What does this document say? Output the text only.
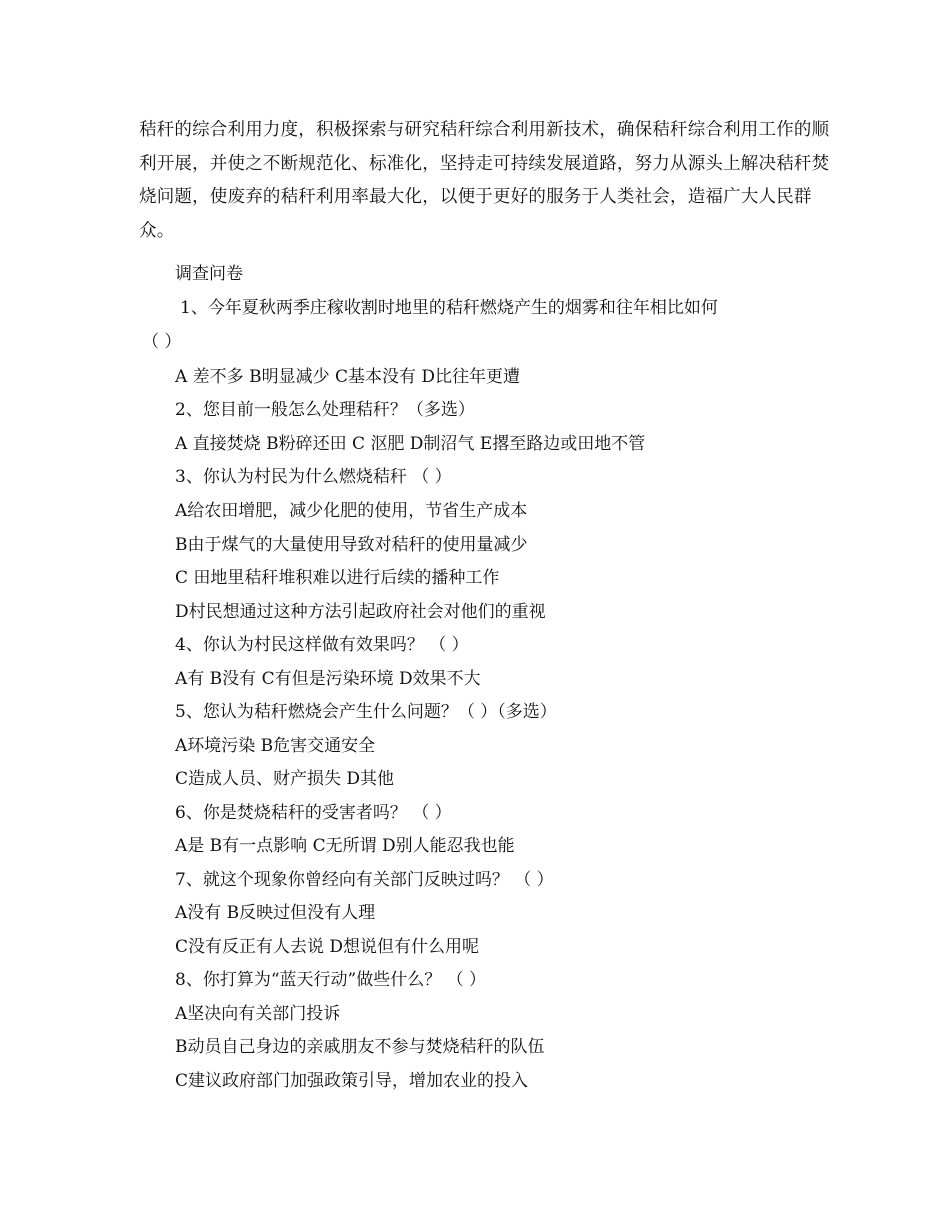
秸秆的综合利用力度，积极探索与研究秸秆综合利用新技术，确保秸秆综合利用工作的顺利开展，并使之不断规范化、标准化，坚持走可持续发展道路，努力从源头上解决秸秆焚烧问题，使废弃的秸秆利用率最大化，以便于更好的服务于人类社会，造福广大人民群众。

调查问卷

1、今年夏秋两季庄稼收割时地里的秸秆燃烧产生的烟雾和往年相比如何

（ ）

A 差不多 B明显减少 C基本没有 D比往年更遭

2、您目前一般怎么处理秸秆？（多选）

A 直接焚烧 B粉碎还田 C 沤肥 D制沼气 E撂至路边或田地不管

3、你认为村民为什么燃烧秸秆 （ ）

A给农田增肥，减少化肥的使用，节省生产成本

B由于煤气的大量使用导致对秸秆的使用量减少

C 田地里秸秆堆积难以进行后续的播种工作

D村民想通过这种方法引起政府社会对他们的重视

4、你认为村民这样做有效果吗？ （ ）

A有 B没有 C有但是污染环境 D效果不大

5、您认为秸秆燃烧会产生什么问题？（ ）（多选）

A环境污染 B危害交通安全

C造成人员、财产损失 D其他

6、你是焚烧秸秆的受害者吗？ （ ）

A是 B有一点影响 C无所谓 D别人能忍我也能

7、就这个现象你曾经向有关部门反映过吗？ （ ）

A没有 B反映过但没有人理

C没有反正有人去说 D想说但有什么用呢

8、你打算为“蓝天行动”做些什么？ （ ）

A坚决向有关部门投诉

B动员自己身边的亲戚朋友不参与焚烧秸秆的队伍

C建议政府部门加强政策引导，增加农业的投入
